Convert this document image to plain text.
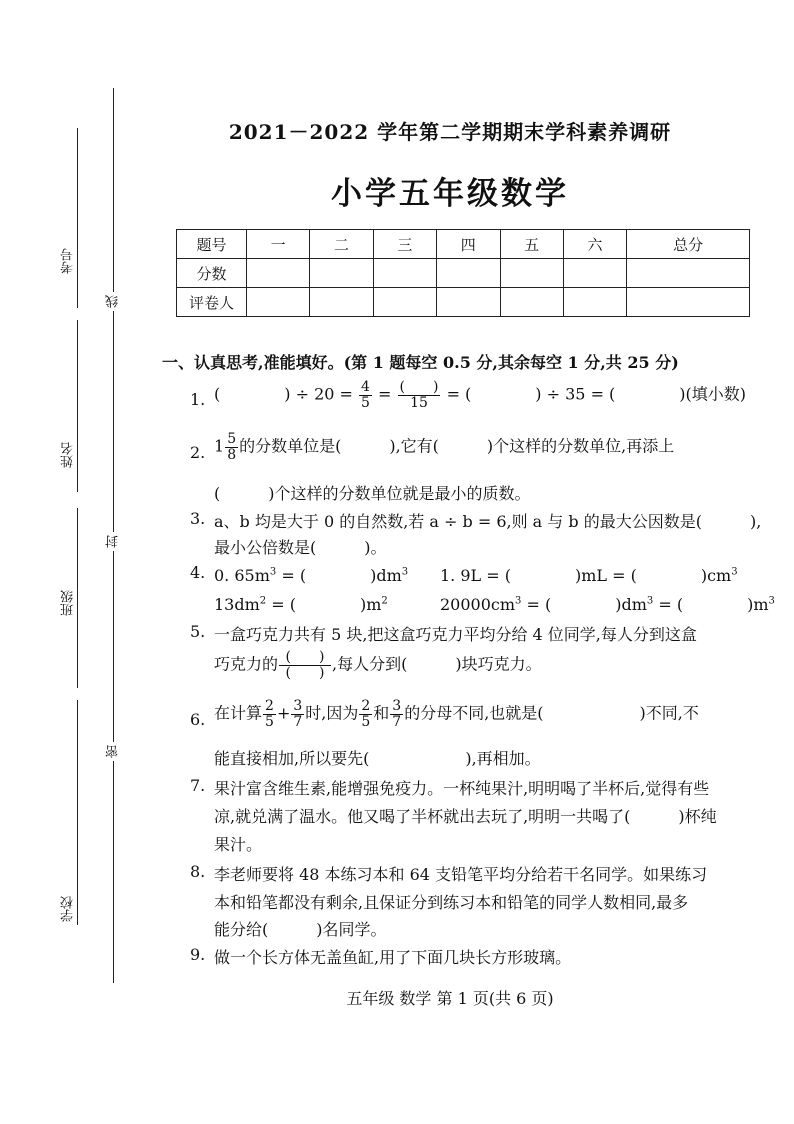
考号
姓名
班级
学校
线
封
密
2021－2022 学年第二学期期末学科素养调研
小学五年级数学
题号	一	二	三	四	五	六	总分
分数							
评卷人							
一、认真思考,准能填好。(第 1 题每空 0.5 分,其余每空 1 分,共 25 分)
1. (　　　　) ÷ $20 = \frac{4}{5} = \frac{( )}{15}$ = (　　　　) ÷ 35 = (　　　　)(填小数)
2. $1 \frac{5}{8}$ 的分数单位是(　　　),它有(　　　)个这样的分数单位,再添上
(　　　)个这样的分数单位就是最小的质数。
3. a、b 均是大于 0 的自然数,若 a ÷ b = 6,则 a 与 b 的最大公因数是(　　　),
最小公倍数是(　　　)。
4. 0. $65m^3$ = (　　　　)$dm^3$ 1. 9L = (　　　　)mL = (　　　　)$cm^3$
$13dm^2$ = (　　　　)$m^2$	$20000cm^3$ = (　　　　)$dm^3$ = (　　　　)$m^3$
5. 一盒巧克力共有 5 块,把这盒巧克力平均分给 4 位同学,每人分到这盒
巧克力的 $\frac{( )}{( )}$ ,每人分到(　　　)块巧克力。
6. 在计算 $\frac{2}{5} + \frac{3}{7}$ 时,因为 $\frac{2}{5}$ 和 $\frac{3}{7}$ 的分母不同,也就是(　　　　　　)不同,不
能直接相加,所以要先(　　　　　　),再相加。
7. 果汁富含维生素,能增强免疫力。一杯纯果汁,明明喝了半杯后,觉得有些
凉,就兑满了温水。他又喝了半杯就出去玩了,明明一共喝了(　　　)杯纯
果汁。
8. 李老师要将 48 本练习本和 64 支铅笔平均分给若干名同学。如果练习
本和铅笔都没有剩余,且保证分到练习本和铅笔的同学人数相同,最多
能分给(　　　)名同学。
9. 做一个长方体无盖鱼缸,用了下面几块长方形玻璃。
五年级 数学 第 1 页(共 6 页)
